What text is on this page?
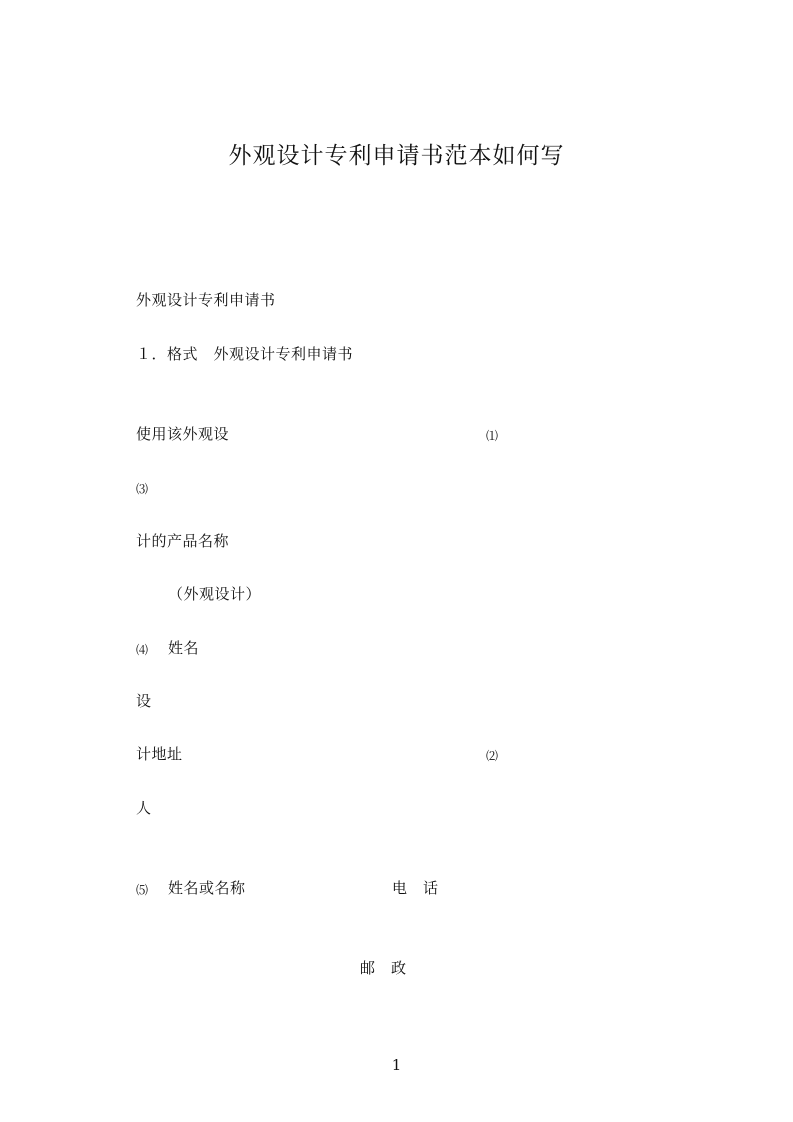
外观设计专利申请书范本如何写
外观设计专利申请书
１．格式　外观设计专利申请书
使用该外观设	⑴
⑶
计的产品名称
（外观设计）
⑷ 姓名
设
计地址	⑵
人
⑸ 姓名或名称	电　话
邮　政
1
